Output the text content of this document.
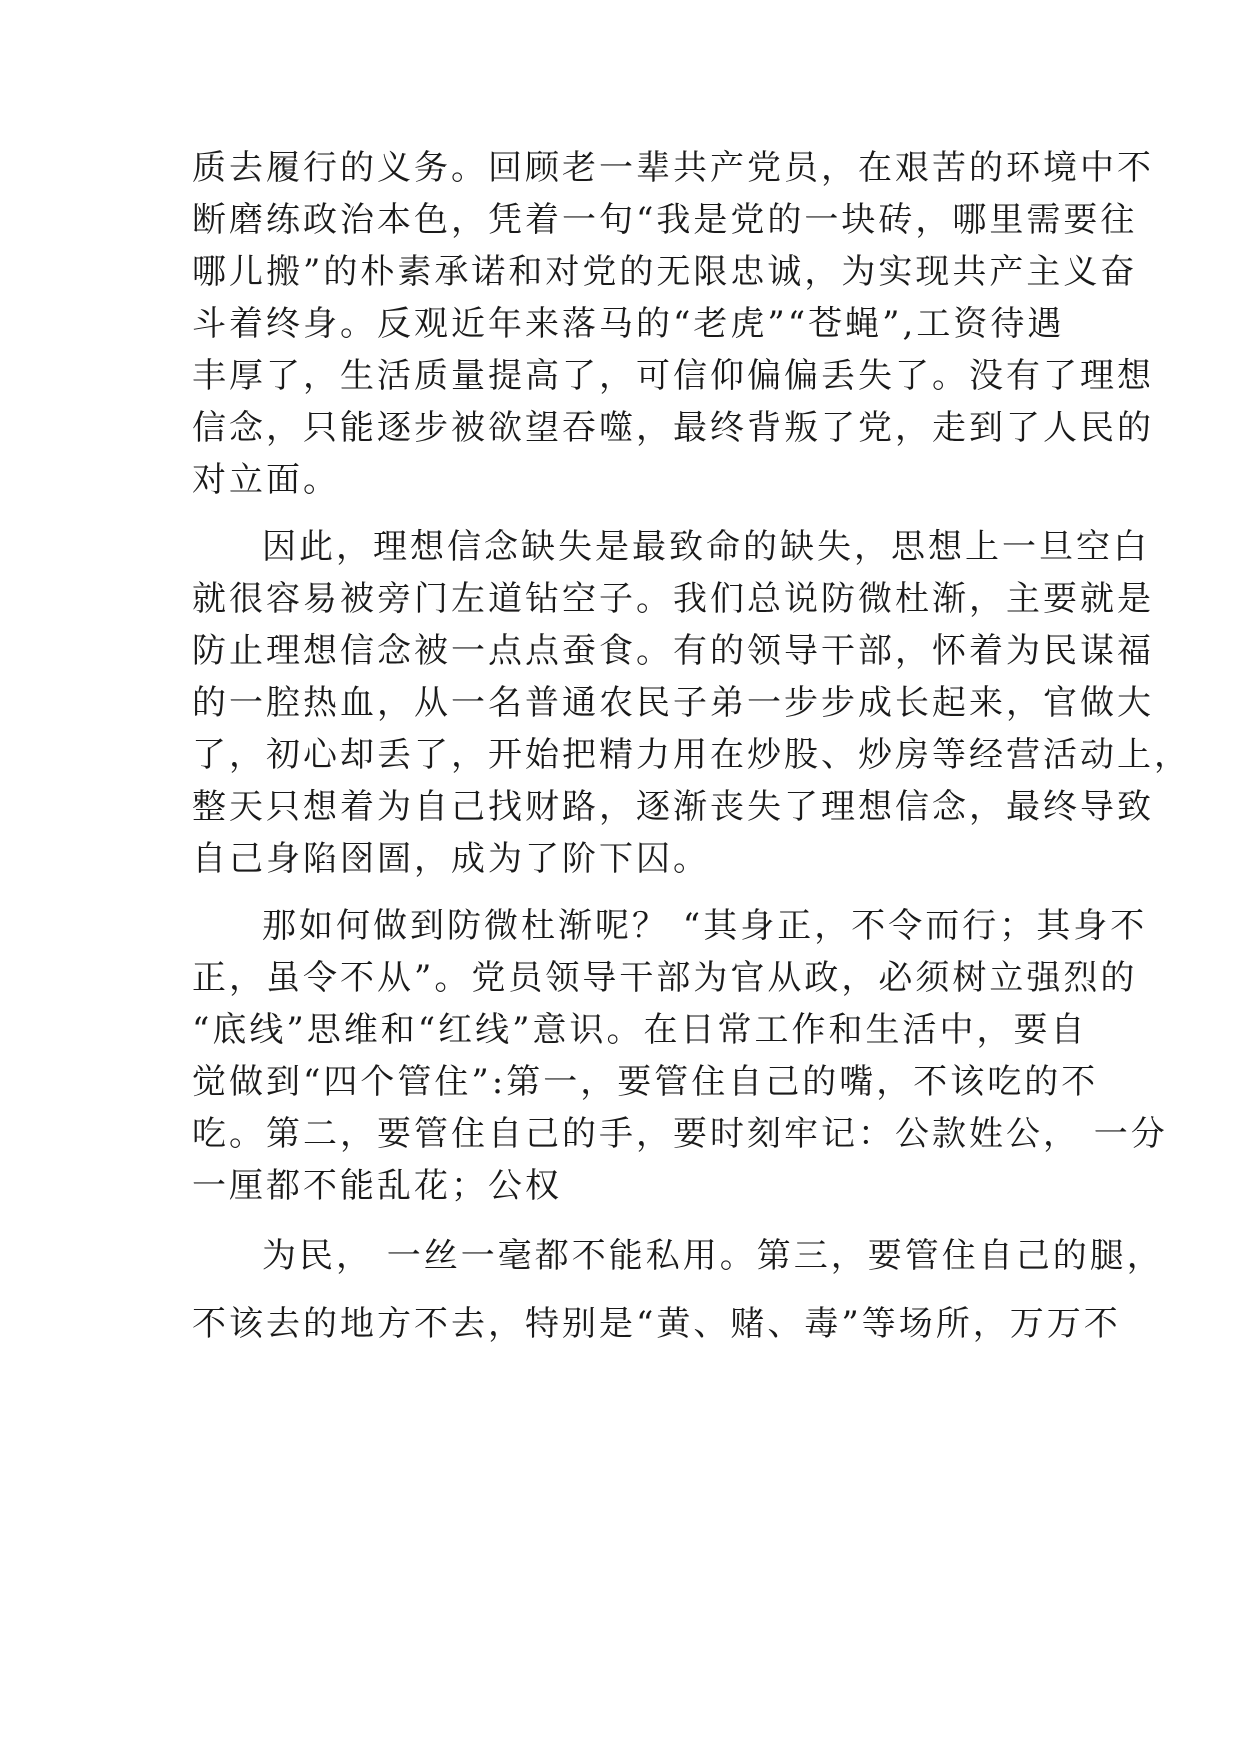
质去履行的义务。回顾老一辈共产党员，在艰苦的环境中不
断磨练政治本色，凭着一句“我是党的一块砖，哪里需要往
哪儿搬”的朴素承诺和对党的无限忠诚，为实现共产主义奋
斗着终身。反观近年来落马的“老虎”“苍蝇”,工资待遇
丰厚了，生活质量提高了，可信仰偏偏丢失了。没有了理想
信念，只能逐步被欲望吞噬，最终背叛了党，走到了人民的
对立面。
因此，理想信念缺失是最致命的缺失，思想上一旦空白
就很容易被旁门左道钻空子。我们总说防微杜渐，主要就是
防止理想信念被一点点蚕食。有的领导干部，怀着为民谋福
的一腔热血，从一名普通农民子弟一步步成长起来，官做大
了，初心却丢了，开始把精力用在炒股、炒房等经营活动上，
整天只想着为自己找财路，逐渐丧失了理想信念，最终导致
自己身陷囹圄，成为了阶下囚。
那如何做到防微杜渐呢？ “其身正，不令而行；其身不
正，虽令不从”。党员领导干部为官从政，必须树立强烈的
“底线”思维和“红线”意识。在日常工作和生活中，要自
觉做到“四个管住”:第一，要管住自己的嘴，不该吃的不
吃。第二，要管住自己的手，要时刻牢记：公款姓公， 一分
一厘都不能乱花；公权
为民， 一丝一毫都不能私用。第三，要管住自己的腿，
不该去的地方不去，特别是“黄、赌、毒”等场所，万万不
